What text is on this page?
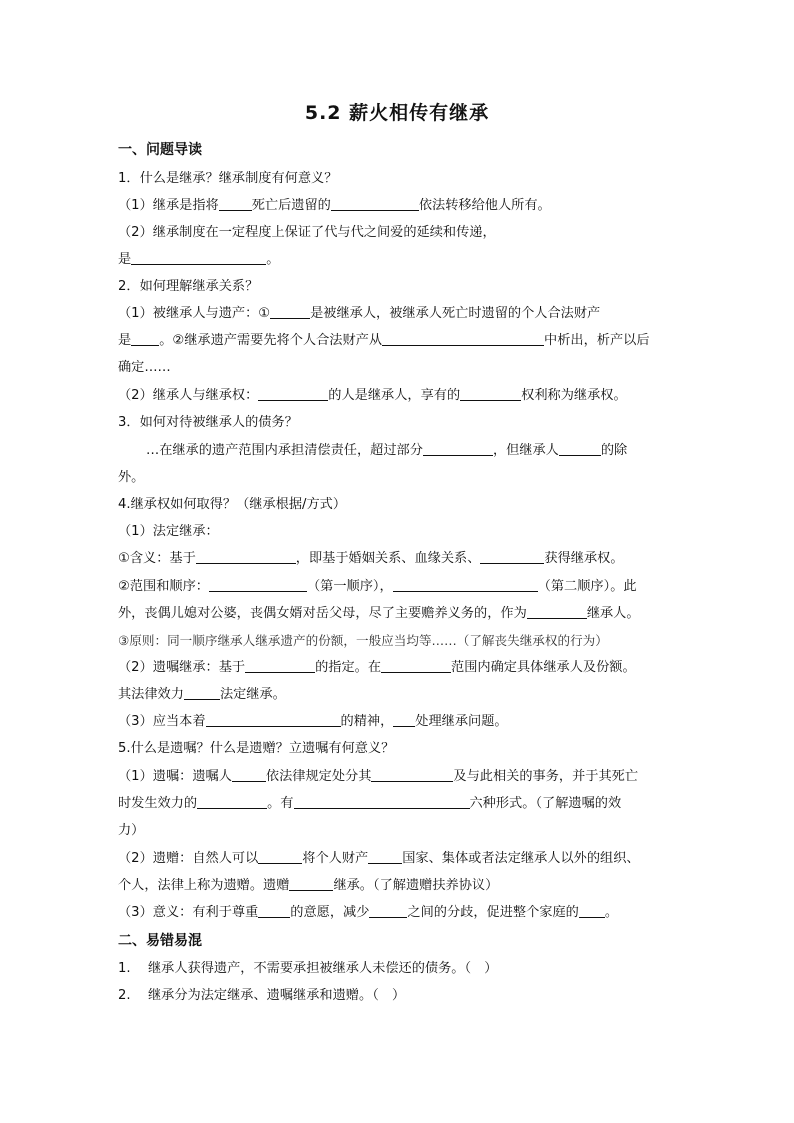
5.2 薪火相传有继承
一、问题导读
1．什么是继承？继承制度有何意义？
（1）继承是指将	死亡后遗留的	依法转移给他人所有。
（2）继承制度在一定程度上保证了代与代之间爱的延续和传递，
是	。
2．如何理解继承关系？
（1）被继承人与遗产：①	是被继承人，被继承人死亡时遗留的个人合法财产
是 。②继承遗产需要先将个人合法财产从	中析出，析产以后
确定……
（2）继承人与继承权：	的人是继承人，享有的	权利称为继承权。
3．如何对待被继承人的债务？
…在继承的遗产范围内承担清偿责任，超过部分	，但继承人	的除
外。
4.继承权如何取得？（继承根据/方式）
（1）法定继承：
①含义：基于	，即基于婚姻关系、血缘关系、	获得继承权。
②范围和顺序：	（第一顺序），	（第二顺序）。此
外，丧偶儿媳对公婆，丧偶女婿对岳父母，尽了主要赡养义务的，作为	继承人。
③原则：同一顺序继承人继承遗产的份额，一般应当均等……（了解丧失继承权的行为）
（2）遗嘱继承：基于	的指定。在	范围内确定具体继承人及份额。
其法律效力	法定继承。
（3）应当本着	的精神， 处理继承问题。
5.什么是遗嘱？什么是遗赠？立遗嘱有何意义？
（1）遗嘱：遗嘱人	依法律规定处分其	及与此相关的事务，并于其死亡
时发生效力的	。有	六种形式。（了解遗嘱的效
力）
（2）遗赠：自然人可以	将个人财产	国家、集体或者法定继承人以外的组织、
个人，法律上称为遗赠。遗赠	继承。（了解遗赠扶养协议）
（3）意义：有利于尊重 的意愿，减少	之间的分歧，促进整个家庭的 。
二、易错易混
1. 继承人获得遗产，不需要承担被继承人未偿还的债务。（　）
2. 继承分为法定继承、遗嘱继承和遗赠。（　）
